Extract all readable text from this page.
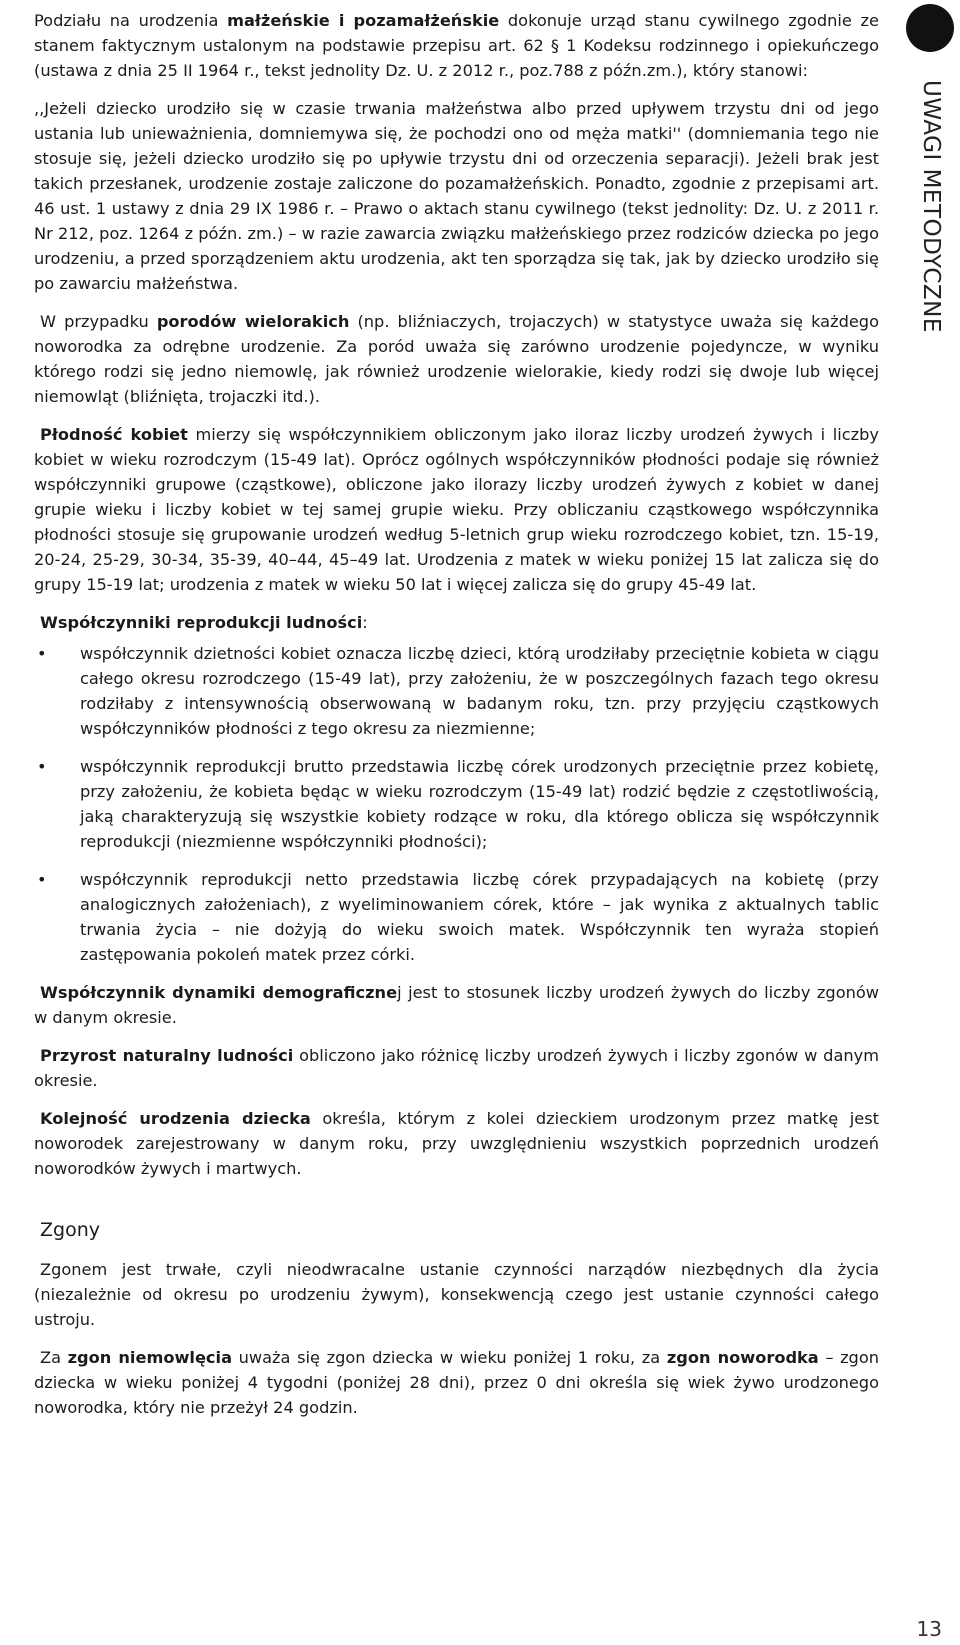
UWAGI METODYCZNE

Podziału na urodzenia małżeńskie i pozamałżeńskie dokonuje urząd stanu cywilnego zgodnie ze stanem faktycznym ustalonym na podstawie przepisu art. 62 § 1 Kodeksu rodzinnego i opiekuńczego (ustawa z dnia 25 II 1964 r., tekst jednolity Dz. U. z 2012 r., poz.788 z późn.zm.), który stanowi:

,,Jeżeli dziecko urodziło się w czasie trwania małżeństwa albo przed upływem trzystu dni od jego ustania lub unieważnienia, domniemywa się, że pochodzi ono od męża matki'' (domniemania tego nie stosuje się, jeżeli dziecko urodziło się po upływie trzystu dni od orzeczenia separacji). Jeżeli brak jest takich przesłanek, urodzenie zostaje zaliczone do pozamałżeńskich. Ponadto, zgodnie z przepisami art. 46 ust. 1 ustawy z dnia 29 IX 1986 r. – Prawo o aktach stanu cywilnego (tekst jednolity: Dz. U. z 2011 r. Nr 212, poz. 1264 z późn. zm.) – w razie zawarcia związku małżeńskiego przez rodziców dziecka po jego urodzeniu, a przed sporządzeniem aktu urodzenia, akt ten sporządza się tak, jak by dziecko urodziło się po zawarciu małżeństwa.

W przypadku porodów wielorakich (np. bliźniaczych, trojaczych) w statystyce uważa się każdego noworodka za odrębne urodzenie. Za poród uważa się zarówno urodzenie pojedyncze, w wyniku którego rodzi się jedno niemowlę, jak również urodzenie wielorakie, kiedy rodzi się dwoje lub więcej niemowląt (bliźnięta, trojaczki itd.).

Płodność kobiet mierzy się współczynnikiem obliczonym jako iloraz liczby urodzeń żywych i liczby kobiet w wieku rozrodczym (15-49 lat). Oprócz ogólnych współczynników płodności podaje się również współczynniki grupowe (cząstkowe), obliczone jako ilorazy liczby urodzeń żywych z kobiet w danej grupie wieku i liczby kobiet w tej samej grupie wieku. Przy obliczaniu cząstkowego współczynnika płodności stosuje się grupowanie urodzeń według 5-letnich grup wieku rozrodczego kobiet, tzn. 15-19, 20-24, 25-29, 30-34, 35-39, 40–44, 45–49 lat. Urodzenia z matek w wieku poniżej 15 lat zalicza się do grupy 15-19 lat; urodzenia z matek w wieku 50 lat i więcej zalicza się do grupy 45-49 lat.

Współczynniki reprodukcji ludności:

• współczynnik dzietności kobiet oznacza liczbę dzieci, którą urodziłaby przeciętnie kobieta w ciągu całego okresu rozrodczego (15-49 lat), przy założeniu, że w poszczególnych fazach tego okresu rodziłaby z intensywnością obserwowaną w badanym roku, tzn. przy przyjęciu cząstkowych współczynników płodności z tego okresu za niezmienne;
• współczynnik reprodukcji brutto przedstawia liczbę córek urodzonych przeciętnie przez kobietę, przy założeniu, że kobieta będąc w wieku rozrodczym (15-49 lat) rodzić będzie z częstotliwością, jaką charakteryzują się wszystkie kobiety rodzące w roku, dla którego oblicza się współczynnik reprodukcji (niezmienne współczynniki płodności);
• współczynnik reprodukcji netto przedstawia liczbę córek przypadających na kobietę (przy analogicznych założeniach), z wyeliminowaniem córek, które – jak wynika z aktualnych tablic trwania życia – nie dożyją do wieku swoich matek. Współczynnik ten wyraża stopień zastępowania pokoleń matek przez córki.

Współczynnik dynamiki demograficznej jest to stosunek liczby urodzeń żywych do liczby zgonów w danym okresie.

Przyrost naturalny ludności obliczono jako różnicę liczby urodzeń żywych i liczby zgonów w danym okresie.

Kolejność urodzenia dziecka określa, którym z kolei dzieckiem urodzonym przez matkę jest noworodek zarejestrowany w danym roku, przy uwzględnieniu wszystkich poprzednich urodzeń noworodków żywych i martwych.

Zgony

Zgonem jest trwałe, czyli nieodwracalne ustanie czynności narządów niezbędnych dla życia (niezależnie od okresu po urodzeniu żywym), konsekwencją czego jest ustanie czynności całego ustroju.

Za zgon niemowlęcia uważa się zgon dziecka w wieku poniżej 1 roku, za zgon noworodka – zgon dziecka w wieku poniżej 4 tygodni (poniżej 28 dni), przez 0 dni określa się wiek żywo urodzonego noworodka, który nie przeżył 24 godzin.

13
